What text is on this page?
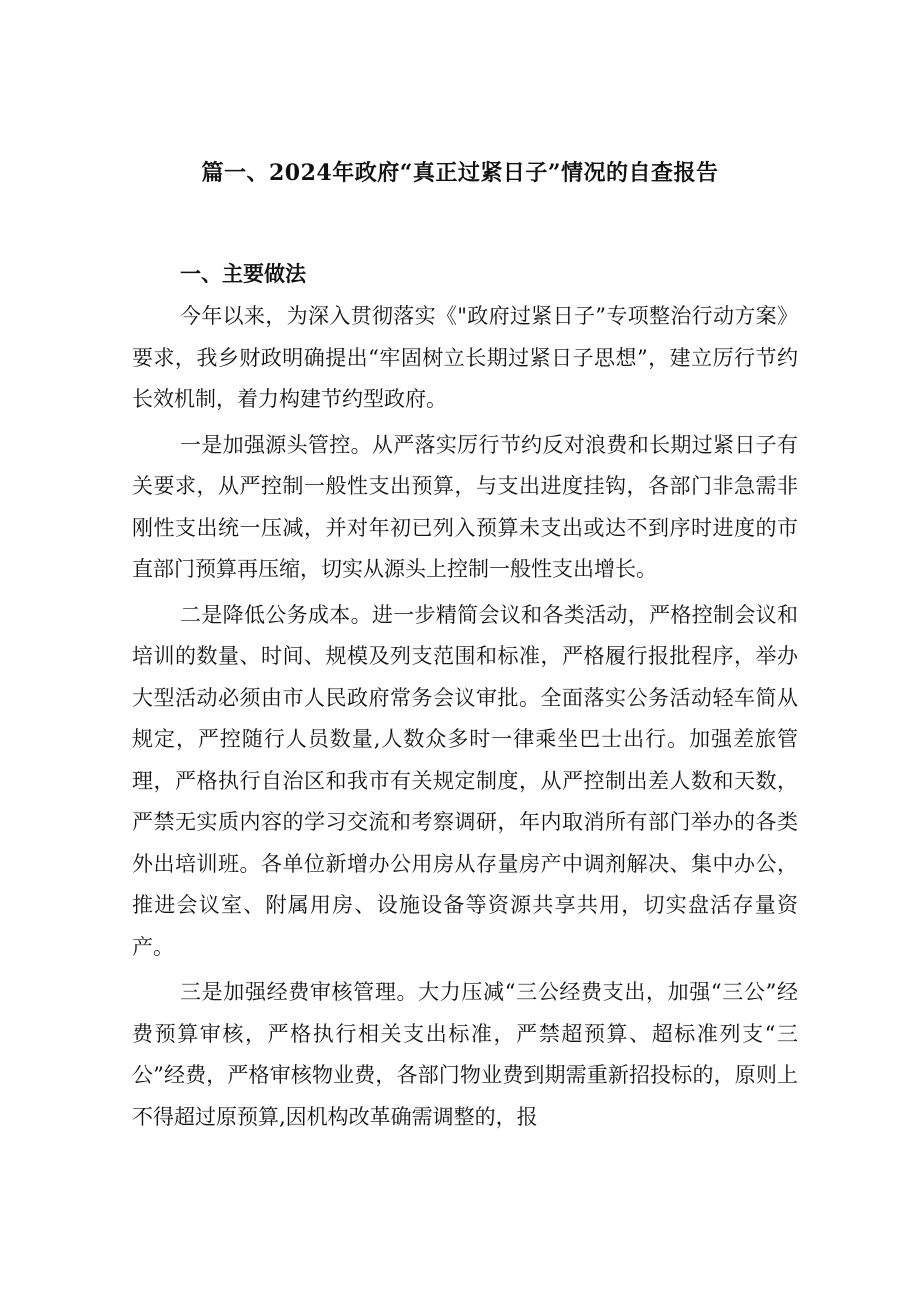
篇一、2024年政府“真正过紧日子”情况的自查报告
一、主要做法

今年以来，为深入贯彻落实《"政府过紧日子”专项整治行动方案》要求，我乡财政明确提出“牢固树立长期过紧日子思想”，建立厉行节约长效机制，着力构建节约型政府。

一是加强源头管控。从严落实厉行节约反对浪费和长期过紧日子有关要求，从严控制一般性支出预算，与支出进度挂钩，各部门非急需非刚性支出统一压减，并对年初已列入预算未支出或达不到序时进度的市直部门预算再压缩，切实从源头上控制一般性支出增长。

二是降低公务成本。进一步精简会议和各类活动，严格控制会议和培训的数量、时间、规模及列支范围和标准，严格履行报批程序，举办大型活动必须由市人民政府常务会议审批。全面落实公务活动轻车简从规定，严控随行人员数量,人数众多时一律乘坐巴士出行。加强差旅管理，严格执行自治区和我市有关规定制度，从严控制出差人数和天数，严禁无实质内容的学习交流和考察调研，年内取消所有部门举办的各类外出培训班。各单位新增办公用房从存量房产中调剂解决、集中办公，推进会议室、附属用房、设施设备等资源共享共用，切实盘活存量资产。

三是加强经费审核管理。大力压减“三公经费支出，加强“三公”经费预算审核，严格执行相关支出标准，严禁超预算、超标准列支“三公”经费，严格审核物业费，各部门物业费到期需重新招投标的，原则上不得超过原预算,因机构改革确需调整的，报
